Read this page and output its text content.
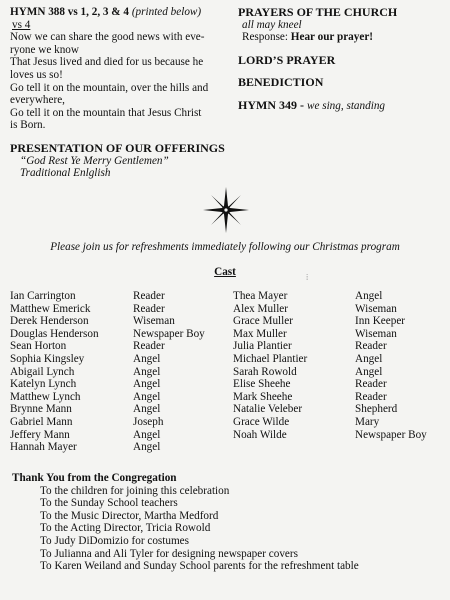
HYMN 388 vs 1, 2, 3 & 4 (printed below)
vs 4
Now we can share the good news with eve-
ryone we know
That Jesus lived and died for us because he
loves us so!
Go tell it on the mountain, over the hills and
everywhere,
Go tell it on the mountain that Jesus Christ
is Born.
PRESENTATION OF OUR OFFERINGS
“God Rest Ye Merry Gentlemen”
Traditional Enlglish
PRAYERS OF THE CHURCH
all may kneel
Response: Hear our prayer!
LORD’S PRAYER
BENEDICTION
HYMN 349 - we sing, standing
Please join us for refreshments immediately following our Christmas program
Cast	⁞
Ian Carrington
Matthew Emerick
Derek Henderson
Douglas Henderson
Sean Horton
Sophia Kingsley
Abigail Lynch
Katelyn Lynch
Matthew Lynch
Brynne Mann
Gabriel Mann
Jeffery Mann
Hannah Mayer
Reader
Reader
Wiseman
Newspaper Boy
Reader
Angel
Angel
Angel
Angel
Angel
Joseph
Angel
Angel
Thea Mayer
Alex Muller
Grace Muller
Max Muller
Julia Plantier
Michael Plantier
Sarah Rowold
Elise Sheehe
Mark Sheehe
Natalie Veleber
Grace Wilde
Noah Wilde
Angel
Wiseman
Inn Keeper
Wiseman
Reader
Angel
Angel
Reader
Reader
Shepherd
Mary
Newspaper Boy
Thank You from the Congregation
To the children for joining this celebration
To the Sunday School teachers
To the Music Director, Martha Medford
To the Acting Director, Tricia Rowold
To Judy DiDomizio for costumes
To Julianna and Ali Tyler for designing newspaper covers
To Karen Weiland and Sunday School parents for the refreshment table
